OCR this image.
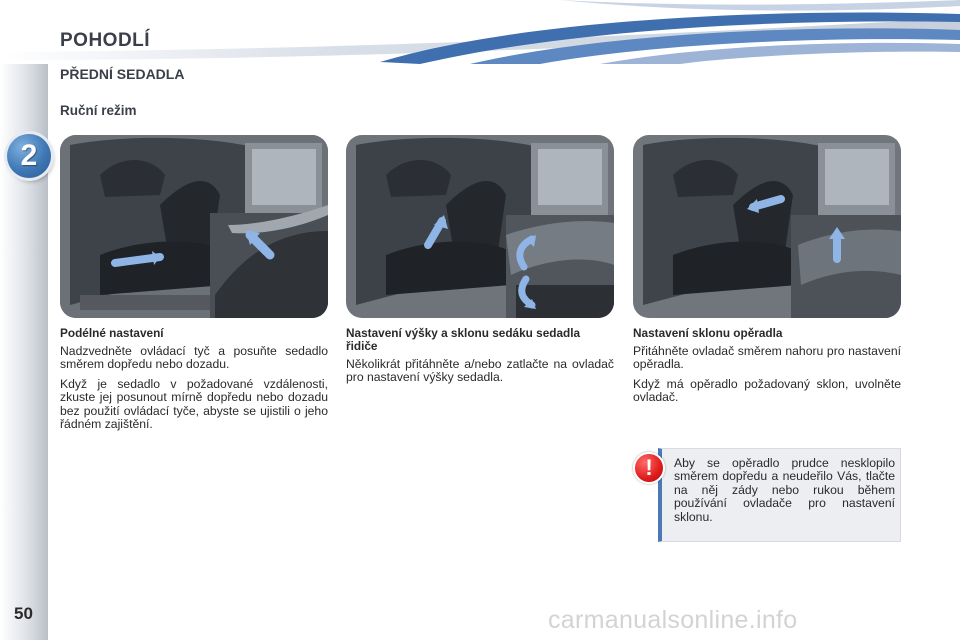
POHODLÍ
2
50
PŘEDNÍ SEDADLA
Ruční režim
Podélné nastavení

Nadzvedněte ovládací tyč a posuňte sedadlo směrem dopředu nebo dozadu.

Když je sedadlo v požadované vzdálenosti, zkuste jej posunout mírně dopředu nebo dozadu bez použití ovládací tyče, abyste se ujistili o jeho řádném zajištění.

Nastavení výšky a sklonu sedáku sedadla řidiče

Několikrát přitáhněte a/nebo zatlačte na ovladač pro nastavení výšky sedadla.

Nastavení sklonu opěradla

Přitáhněte ovladač směrem nahoru pro nastavení opěradla.

Když má opěradlo požadovaný sklon, uvolněte ovladač.

!	Aby se opěradlo prudce nesklopilo směrem dopředu a neudeřilo Vás, tlačte na něj zády nebo rukou během používání ovladače pro nastavení sklonu.
carmanualsonline.info
